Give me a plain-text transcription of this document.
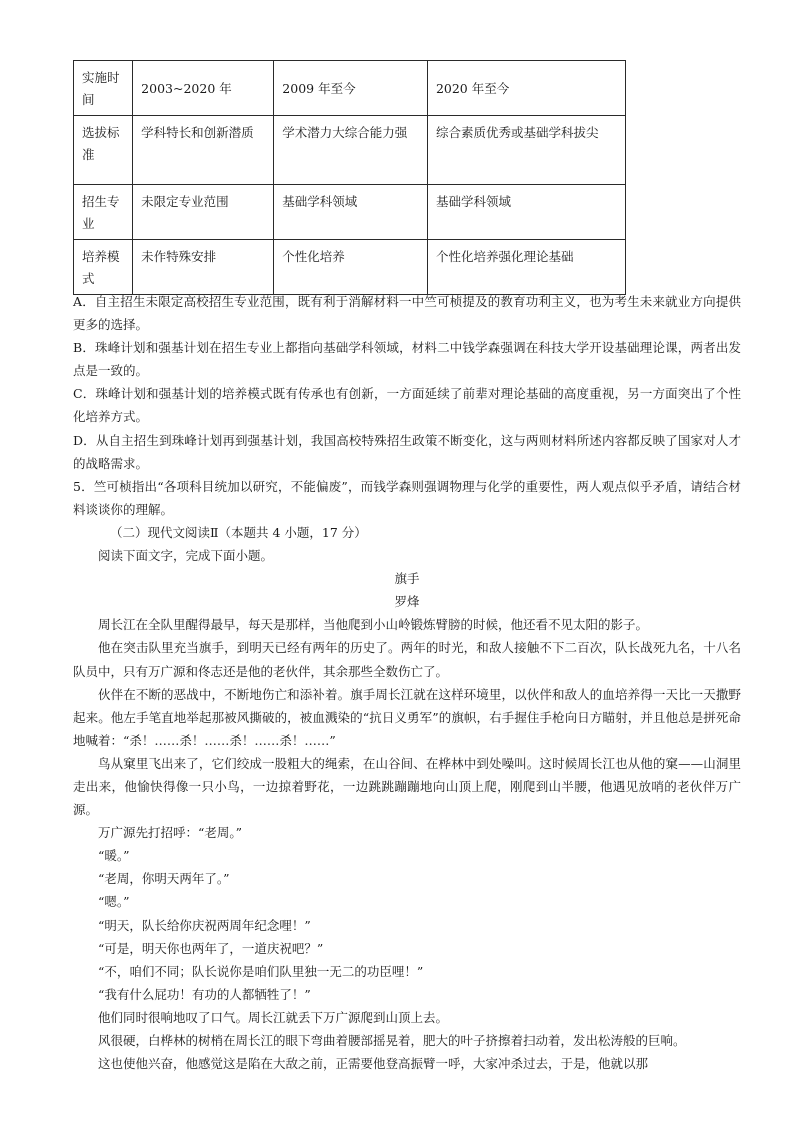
实施时间	2003~2020 年	2009 年至今	2020 年至今
选拔标准	学科特长和创新潜质	学术潜力大综合能力强	综合素质优秀或基础学科拔尖
招生专业	未限定专业范围	基础学科领域	基础学科领域
培养模式	未作特殊安排	个性化培养	个性化培养强化理论基础

A．自主招生未限定高校招生专业范围，既有利于消解材料一中竺可桢提及的教育功利主义，也为考生未来就业方向提供更多的选择。

B．珠峰计划和强基计划在招生专业上都指向基础学科领域，材料二中钱学森强调在科技大学开设基础理论课，两者出发点是一致的。

C．珠峰计划和强基计划的培养模式既有传承也有创新，一方面延续了前辈对理论基础的高度重视，另一方面突出了个性化培养方式。

D．从自主招生到珠峰计划再到强基计划，我国高校特殊招生政策不断变化，这与两则材料所述内容都反映了国家对人才的战略需求。

5．竺可桢指出“各项科目统加以研究，不能偏废”，而钱学森则强调物理与化学的重要性，两人观点似乎矛盾，请结合材料谈谈你的理解。

（二）现代文阅读Ⅱ（本题共 4 小题，17 分）

阅读下面文字，完成下面小题。

旗手

罗烽

周长江在全队里醒得最早，每天是那样，当他爬到小山岭锻炼臂膀的时候，他还看不见太阳的影子。

他在突击队里充当旗手，到明天已经有两年的历史了。两年的时光，和敌人接触不下二百次，队长战死九名，十八名队员中，只有万广源和佟志还是他的老伙伴，其余那些全数伤亡了。

伙伴在不断的恶战中，不断地伤亡和添补着。旗手周长江就在这样环境里，以伙伴和敌人的血培养得一天比一天撒野起来。他左手笔直地举起那被风撕破的，被血溅染的“抗日义勇军”的旗帜，右手握住手枪向日方瞄射，并且他总是拼死命地喊着：“杀！……杀！……杀！……杀！……”

鸟从窠里飞出来了，它们绞成一股粗大的绳索，在山谷间、在桦林中到处噪叫。这时候周长江也从他的窠——山洞里走出来，他愉快得像一只小鸟，一边掠着野花，一边跳跳蹦蹦地向山顶上爬，刚爬到山半腰，他遇见放哨的老伙伴万广源。

万广源先打招呼：“老周。”

“暖。”

“老周，你明天两年了。”

“嗯。”

“明天，队长给你庆祝两周年纪念哩！”

“可是，明天你也两年了，一道庆祝吧？”

“不，咱们不同；队长说你是咱们队里独一无二的功臣哩！”

“我有什么屁功！有功的人都牺牲了！”

他们同时很响地叹了口气。周长江就丢下万广源爬到山顶上去。

风很硬，白桦林的树梢在周长江的眼下弯曲着腰部摇晃着，肥大的叶子挤擦着扫动着，发出松涛般的巨响。

这也使他兴奋，他感觉这是陷在大敌之前，正需要他登高振臂一呼，大家冲杀过去，于是，他就以那
